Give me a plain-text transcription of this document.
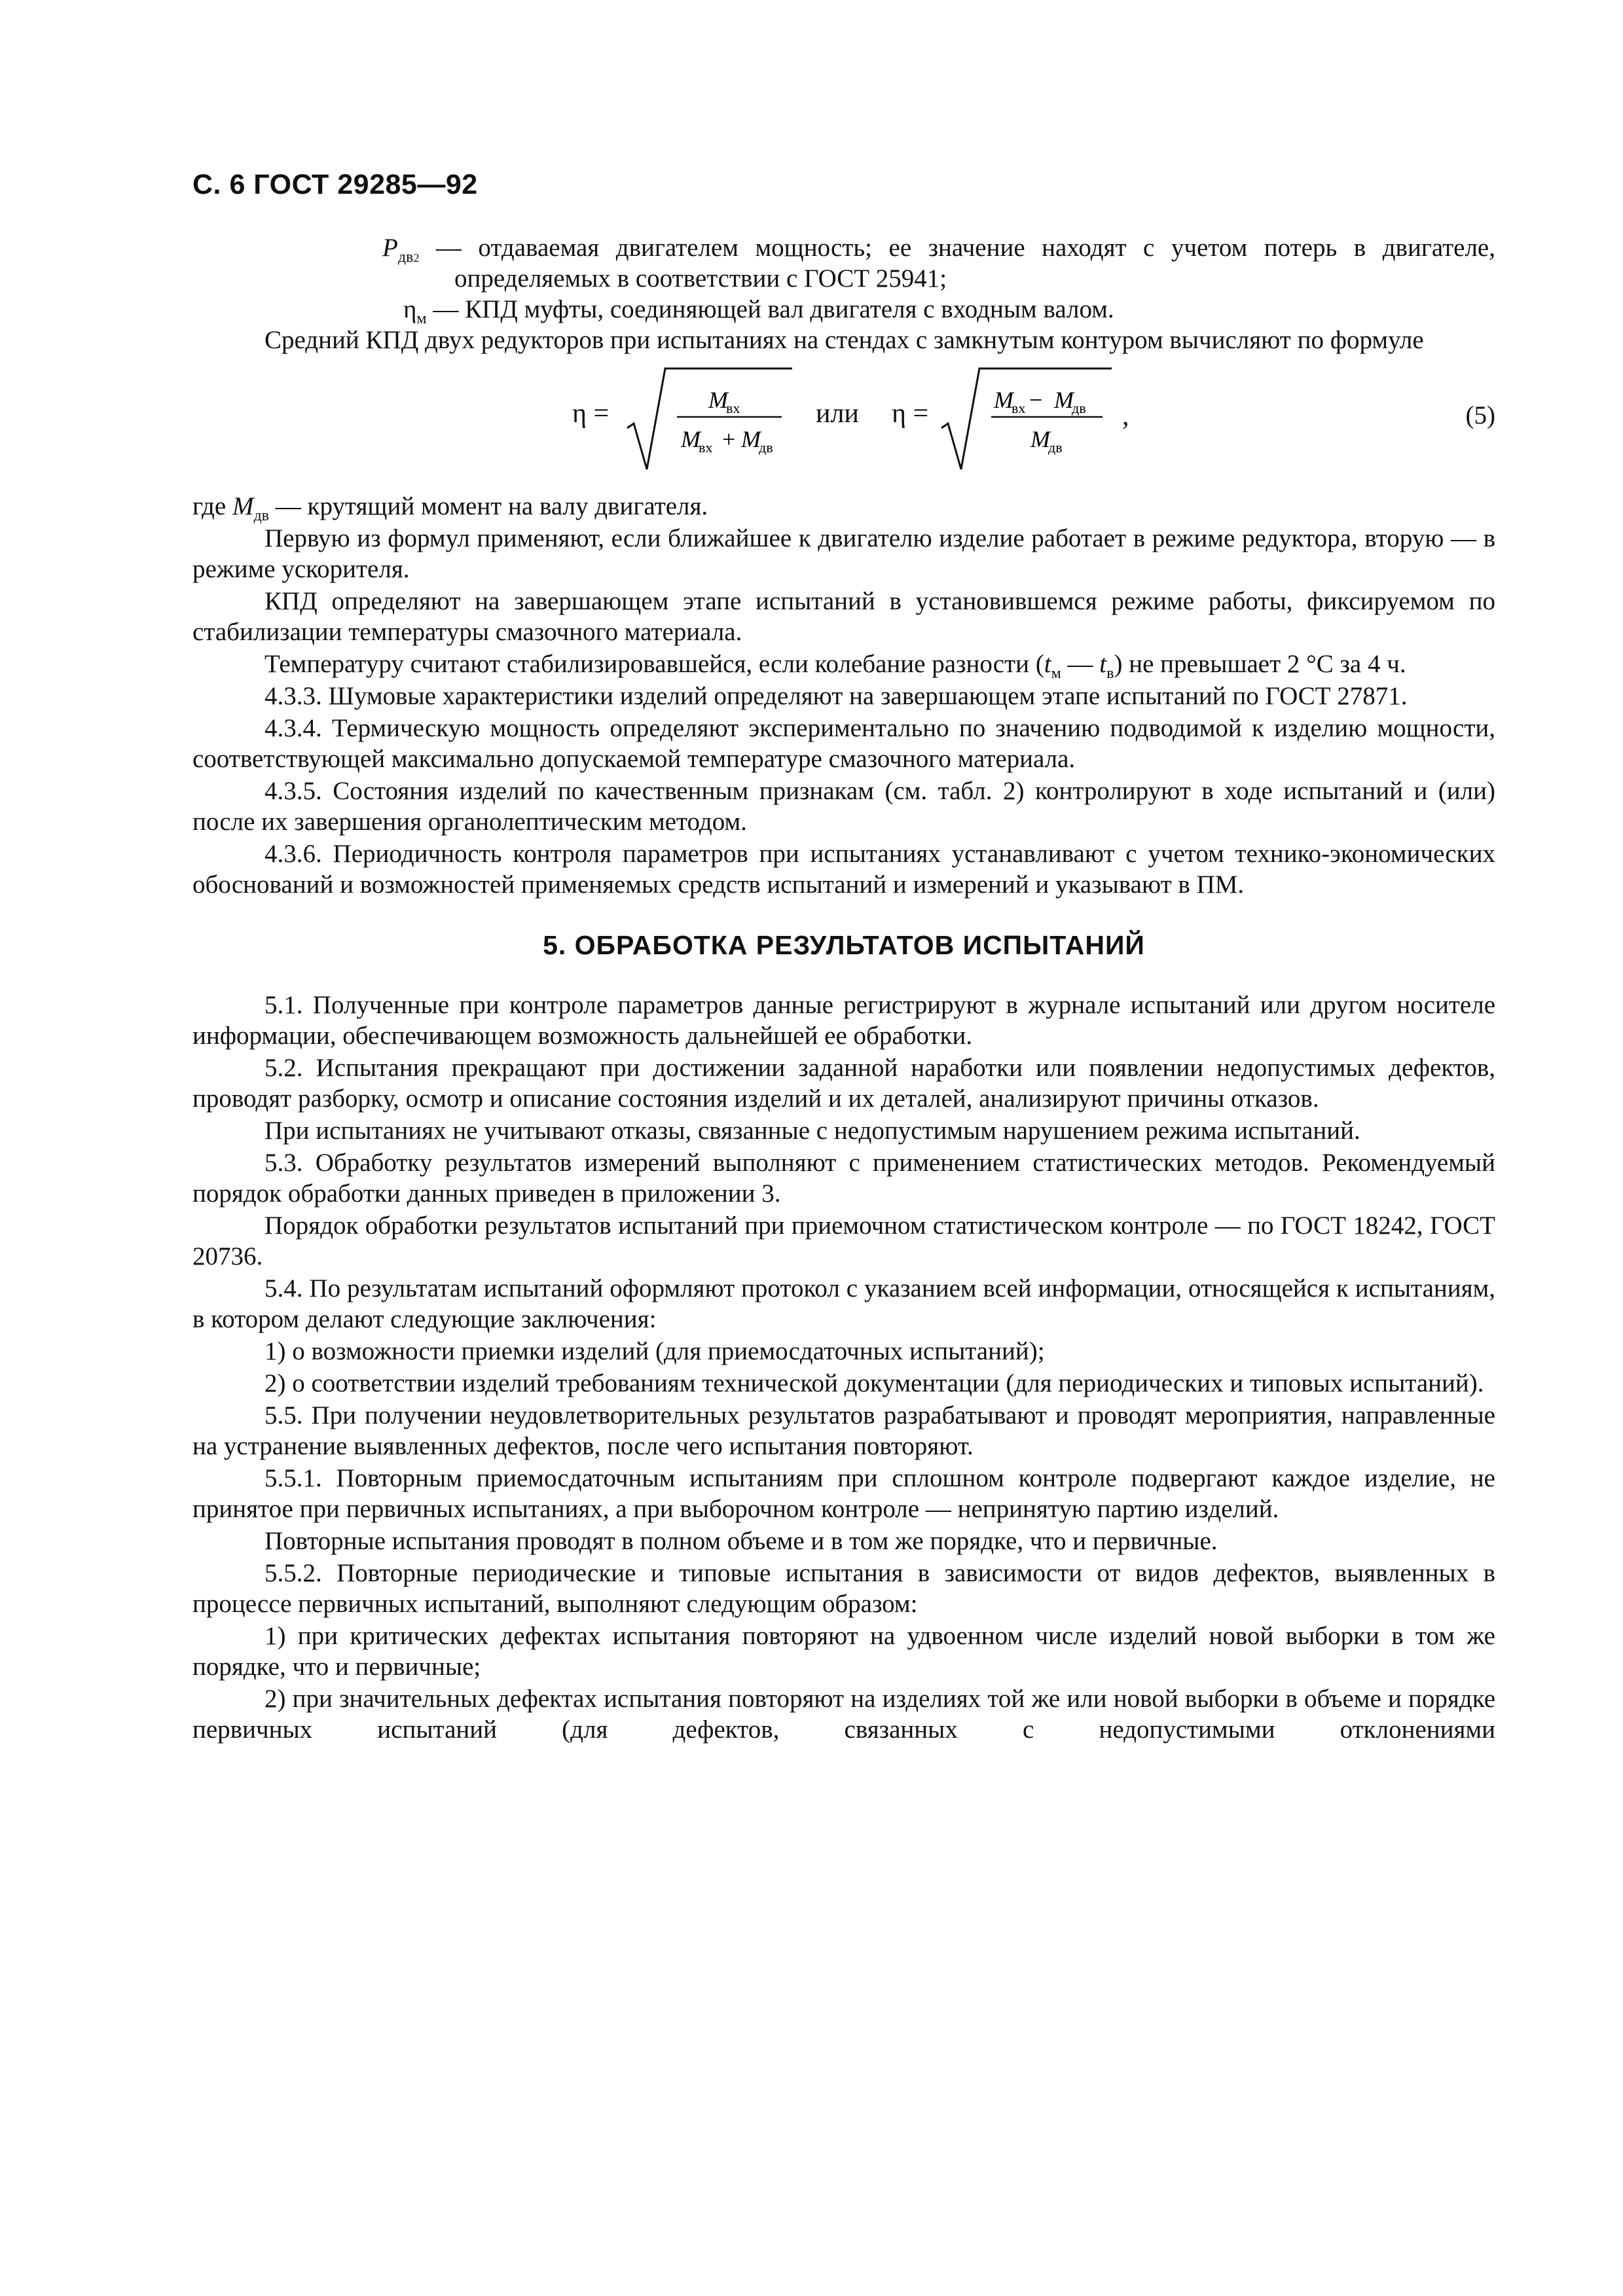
С. 6 ГОСТ 29285—92

$P_{дв2}$ — отдаваемая двигателем мощность; ее значение находят с учетом потерь в двигателе, определяемых в соответствии с ГОСТ 25941;

$\eta_м$ — КПД муфты, соединяющей вал двигателя с входным валом.

Средний КПД двух редукторов при испытаниях на стендах с замкнутым контуром вычисляют по формуле

η =	M
вх
M
вх + M
дв
или η =	M
вх − M
дв
M
дв
,	(5)

где $M_{дв}$ — крутящий момент на валу двигателя.

Первую из формул применяют, если ближайшее к двигателю изделие работает в режиме редуктора, вторую — в режиме ускорителя.

КПД определяют на завершающем этапе испытаний в установившемся режиме работы, фиксируемом по стабилизации температуры смазочного материала.

Температуру считают стабилизировавшейся, если колебание разности ($t_м$ — $t_в$) не превышает 2 °С за 4 ч.

4.3.3. Шумовые характеристики изделий определяют на завершающем этапе испытаний по ГОСТ 27871.

4.3.4. Термическую мощность определяют экспериментально по значению подводимой к изделию мощности, соответствующей максимально допускаемой температуре смазочного материала.

4.3.5. Состояния изделий по качественным признакам (см. табл. 2) контролируют в ходе испытаний и (или) после их завершения органолептическим методом.

4.3.6. Периодичность контроля параметров при испытаниях устанавливают с учетом технико-экономических обоснований и возможностей применяемых средств испытаний и измерений и указывают в ПМ.

5. ОБРАБОТКА РЕЗУЛЬТАТОВ ИСПЫТАНИЙ

5.1. Полученные при контроле параметров данные регистрируют в журнале испытаний или другом носителе информации, обеспечивающем возможность дальнейшей ее обработки.

5.2. Испытания прекращают при достижении заданной наработки или появлении недопустимых дефектов, проводят разборку, осмотр и описание состояния изделий и их деталей, анализируют причины отказов.

При испытаниях не учитывают отказы, связанные с недопустимым нарушением режима испытаний.

5.3. Обработку результатов измерений выполняют с применением статистических методов. Рекомендуемый порядок обработки данных приведен в приложении 3.

Порядок обработки результатов испытаний при приемочном статистическом контроле — по ГОСТ 18242, ГОСТ 20736.

5.4. По результатам испытаний оформляют протокол с указанием всей информации, относящейся к испытаниям, в котором делают следующие заключения:

1) о возможности приемки изделий (для приемосдаточных испытаний);

2) о соответствии изделий требованиям технической документации (для периодических и типовых испытаний).

5.5. При получении неудовлетворительных результатов разрабатывают и проводят мероприятия, направленные на устранение выявленных дефектов, после чего испытания повторяют.

5.5.1. Повторным приемосдаточным испытаниям при сплошном контроле подвергают каждое изделие, не принятое при первичных испытаниях, а при выборочном контроле — непринятую партию изделий.

Повторные испытания проводят в полном объеме и в том же порядке, что и первичные.

5.5.2. Повторные периодические и типовые испытания в зависимости от видов дефектов, выявленных в процессе первичных испытаний, выполняют следующим образом:

1) при критических дефектах испытания повторяют на удвоенном числе изделий новой выборки в том же порядке, что и первичные;

2) при значительных дефектах испытания повторяют на изделиях той же или новой выборки в объеме и порядке первичных испытаний (для дефектов, связанных с недопустимыми отклонениями
